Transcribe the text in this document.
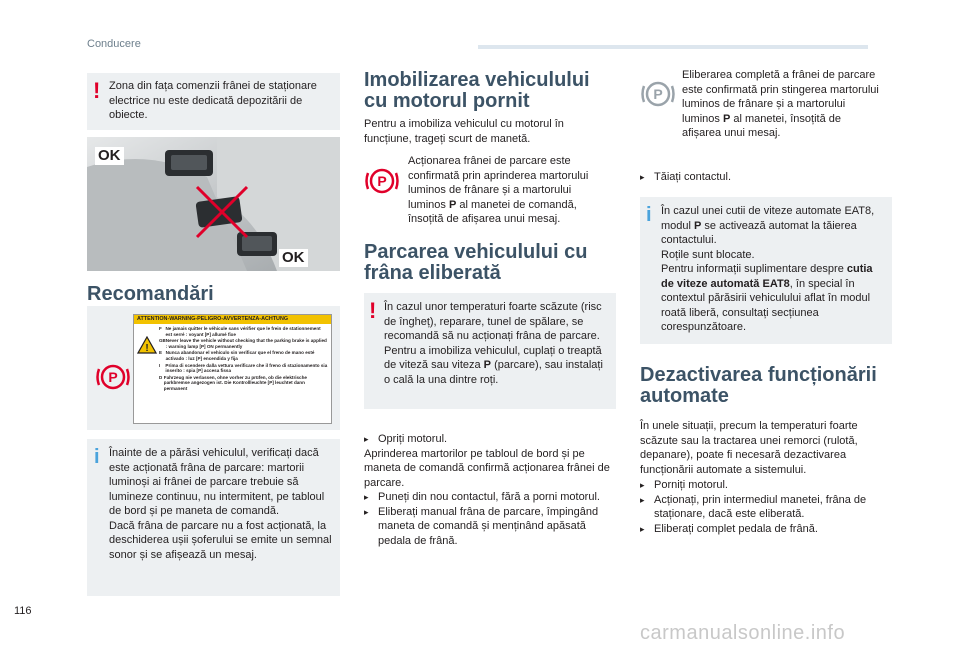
Conducere
! Zona din fața comenzii frânei de staționare electrice nu este dedicată depozitării de obiecte.

OK
OK
Recomandări
P
ATTENTION-WARNING-PELIGRO-AVVERTENZA-ACHTUNG
!
F Ne jamais quitter le véhicule sans vérifier que le frein de stationnement est serré : voyant [P] allumé fixe
GB Never leave the vehicle without checking that the parking brake is applied : warning lamp [P] ON permanently
E Nunca abandonar el vehículo sin verificar que el freno de mano esté activado : luz [P] encendida y fija
I	Prima di scendere dalla vettura verificare che il freno di stazionamento sia inserito : spia [P] accesa fissa
D Fahrzeug nie verlassen, ohne vorher zu prüfen, ob die elektrische parkbremse angezogen ist. Die Kontrollleuchte [P] leuchtet dann permanent
i Înainte de a părăsi vehiculul, verificați dacă este acționată frâna de parcare: martorii luminoși ai frânei de parcare trebuie să lumineze continuu, nu intermitent, pe tabloul de bord și pe maneta de comandă.
Dacă frâna de parcare nu a fost acționată, la deschiderea ușii șoferului se emite un semnal sonor și se afișează un mesaj.

Imobilizarea vehiculului cu motorul pornit
Pentru a imobiliza vehiculul cu motorul în funcțiune, trageți scurt de manetă.
P
Acționarea frânei de parcare este confirmată prin aprinderea martorului luminos de frânare și a martorului luminos P al manetei de comandă, însoțită de afișarea unui mesaj.
Parcarea vehiculului cu frâna eliberată
! În cazul unor temperaturi foarte scăzute (risc de îngheț), reparare, tunel de spălare, se recomandă să nu acționați frâna de parcare.
Pentru a imobiliza vehiculul, cuplați o treaptă de viteză sau viteza P (parcare), sau instalați o cală la una dintre roți.

▸ Opriți motorul.
Aprinderea martorilor pe tabloul de bord și pe maneta de comandă confirmă acționarea frânei de parcare.
▸ Puneți din nou contactul, fără a porni motorul.
▸ Eliberați manual frâna de parcare, împingând maneta de comandă și menținând apăsată pedala de frână.
P
Eliberarea completă a frânei de parcare este confirmată prin stingerea martorului luminos de frânare și a martorului luminos P al manetei, însoțită de afișarea unui mesaj.
▸ Tăiați contactul.
i În cazul unei cutii de viteze automate EAT8, modul P se activează automat la tăierea contactului.
Roțile sunt blocate.
Pentru informații suplimentare despre cutia de viteze automată EAT8, în special în contextul părăsirii vehiculului aflat în modul roată liberă, consultați secțiunea corespunzătoare.

Dezactivarea funcționării automate
În unele situații, precum la temperaturi foarte scăzute sau la tractarea unei remorci (rulotă, depanare), poate fi necesară dezactivarea funcționării automate a sistemului.
▸ Porniți motorul.
▸ Acționați, prin intermediul manetei, frâna de staționare, dacă este eliberată.
▸ Eliberați complet pedala de frână.
116
carmanualsonline.info
